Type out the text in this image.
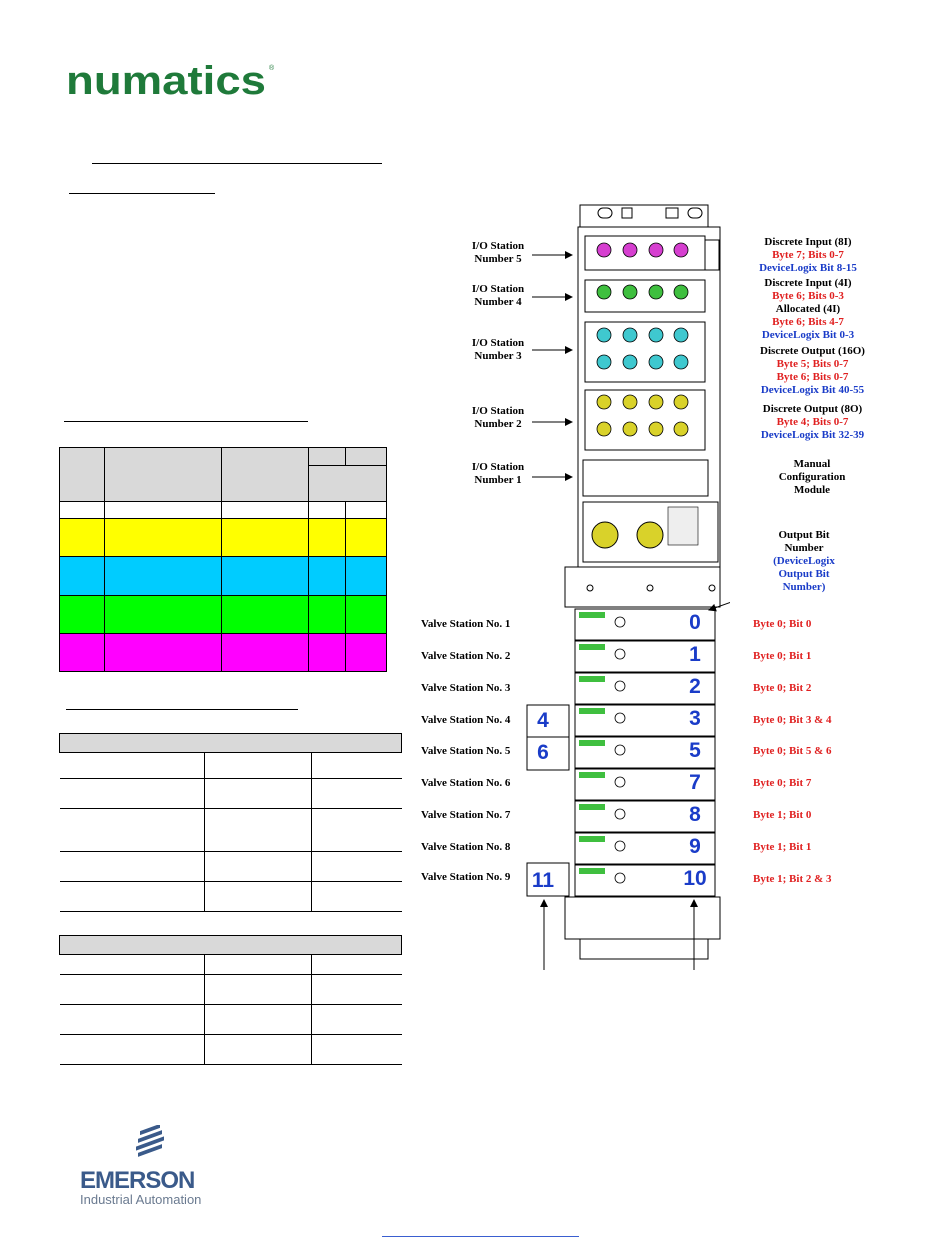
numatics ®

I/O Station
Number 5
I/O Station
Number 4
I/O Station
Number 3
I/O Station
Number 2
I/O Station
Number 1
Discrete Input (8I)
Byte 7; Bits 0-7
DeviceLogix Bit 8-15
Discrete Input (4I)
Byte 6; Bits 0-3
Allocated (4I)
Byte 6; Bits 4-7
DeviceLogix Bit 0-3
Discrete Output (16O)
Byte 5; Bits 0-7
Byte 6; Bits 0-7
DeviceLogix Bit 40-55
Discrete Output (8O)
Byte 4; Bits 0-7
DeviceLogix Bit 32-39
Manual
Configuration
Module
Output Bit
Number
(DeviceLogix
Output Bit
Number)
Valve Station No. 1
Valve Station No. 2
Valve Station No. 3
Valve Station No. 4
Valve Station No. 5
Valve Station No. 6
Valve Station No. 7
Valve Station No. 8
Valve Station No. 9
Byte 0; Bit 0
Byte 0; Bit 1
Byte 0; Bit 2
Byte 0; Bit 3 & 4
Byte 0; Bit 5 & 6
Byte 0; Bit 7
Byte 1; Bit 0
Byte 1; Bit 1
Byte 1; Bit 2 & 3
0
1
2
3
5
7
8
9
10
4
6
11
EMERSON
Industrial Automation
